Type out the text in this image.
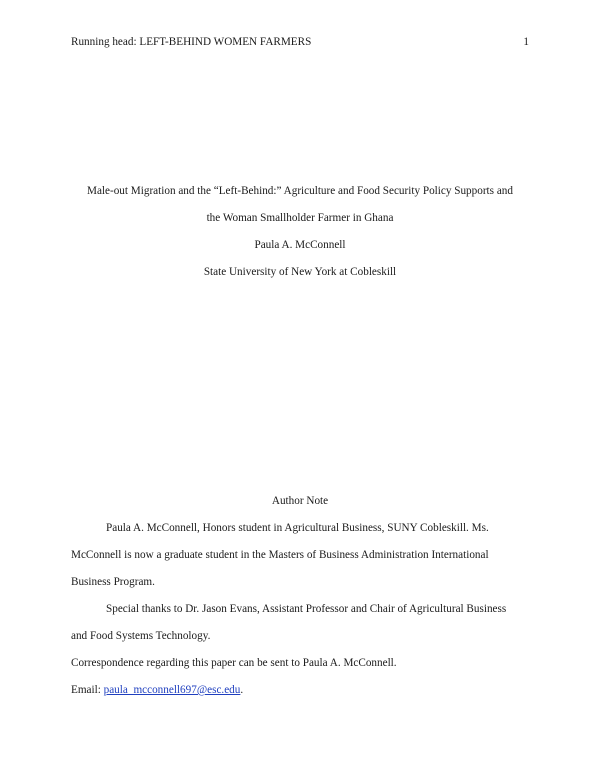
Running head: LEFT-BEHIND WOMEN FARMERS	1
Male-out Migration and the “Left-Behind:” Agriculture and Food Security Policy Supports and
the Woman Smallholder Farmer in Ghana
Paula A. McConnell
State University of New York at Cobleskill
Author Note
Paula A. McConnell, Honors student in Agricultural Business, SUNY Cobleskill. Ms.
McConnell is now a graduate student in the Masters of Business Administration International
Business Program.
Special thanks to Dr. Jason Evans, Assistant Professor and Chair of Agricultural Business
and Food Systems Technology.
Correspondence regarding this paper can be sent to Paula A. McConnell.
Email: paula_mcconnell697@esc.edu.
